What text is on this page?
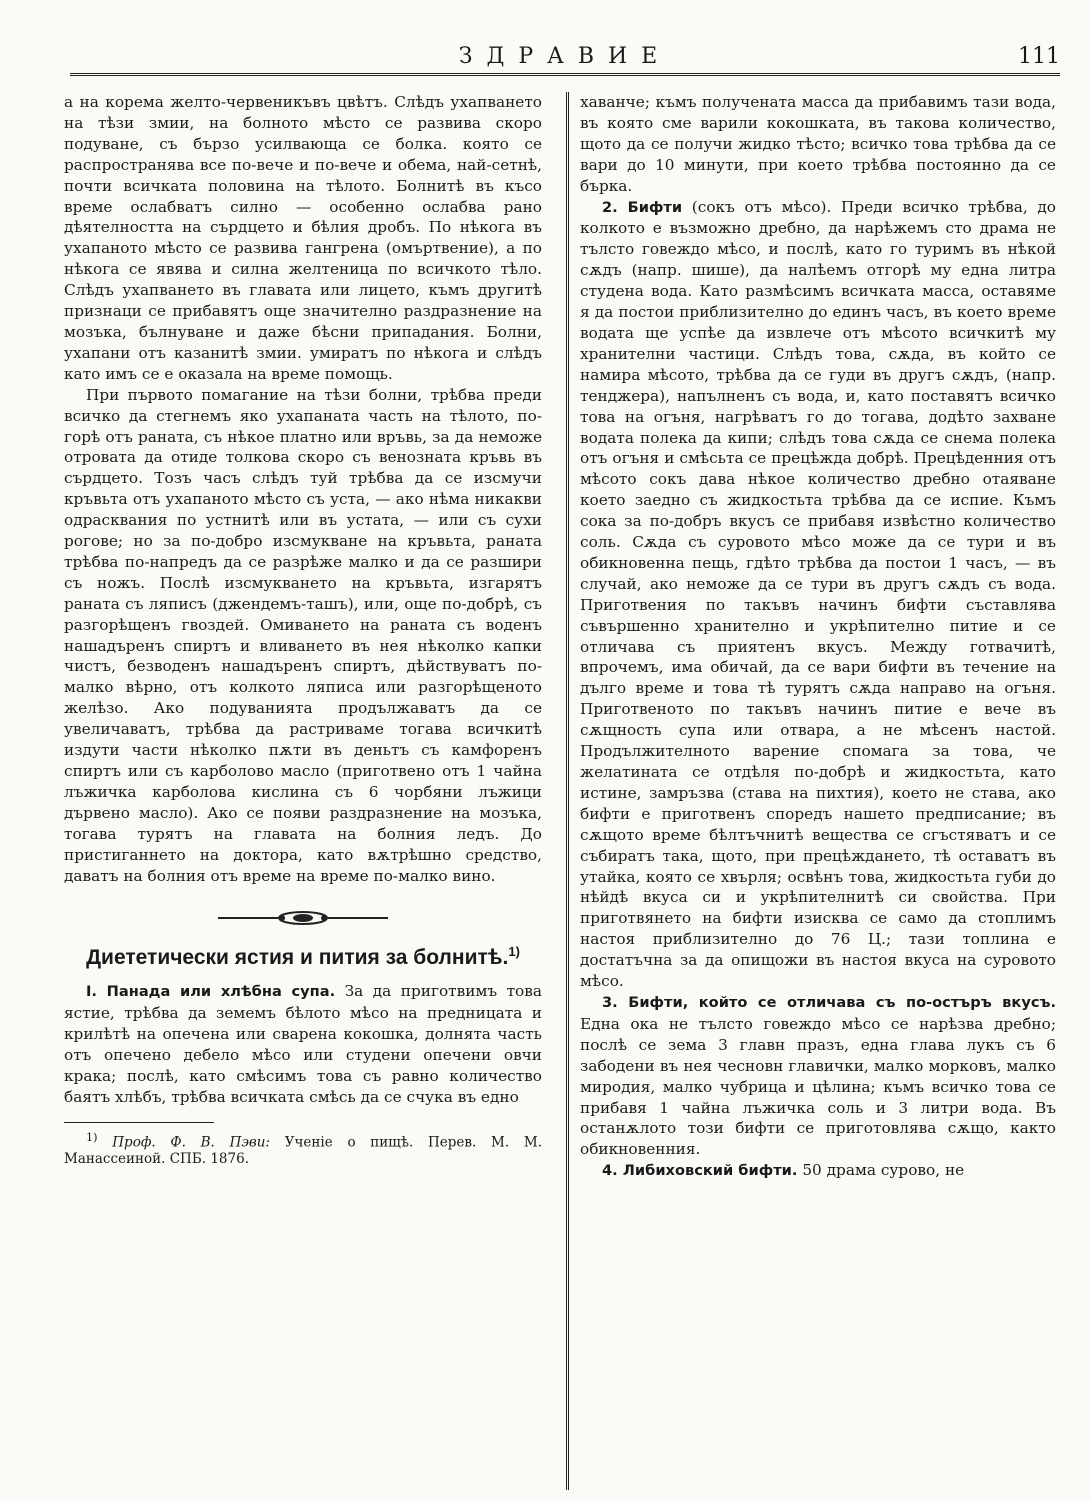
ЗДРАВИЕ	111

а на корема желто-червеникъвъ цвѣтъ. Слѣдъ ухапването на тѣзи змии, на болното мѣсто се развива скоро подуване, съ бързо усилвающа се болка. която се распространява все по-вече и по-вече и обема, най-сетнѣ, почти всичката половина на тѣлото. Болнитѣ въ късо време ослабватъ силно — особенно ослабва рано дѣятелността на сърдцето и бѣлия дробъ. По нѣкога въ ухапаното мѣсто се развива гангрена (омъртвение), а по нѣкога се явява и силна желтеница по всичкото тѣло. Слѣдъ ухапването въ главата или лицето, къмъ другитѣ признаци се прибавятъ още значително раздразнение на мозъка, бълнуване и даже бѣсни припадания. Болни, ухапани отъ казанитѣ змии. умиратъ по нѣкога и слѣдъ като имъ се е оказала на време помощь.

При първото помагание на тѣзи болни, трѣбва преди всичко да стегнемъ яко ухапаната часть на тѣлото, по-горѣ отъ раната, съ нѣкое платно или връвь, за да неможе отровата да отиде толкова скоро съ венозната кръвь въ сърдцето. Тозъ часъ слѣдъ туй трѣбва да се изсмучи кръвьта отъ ухапаното мѣсто съ уста, — ако нѣма никакви одрасквания по устнитѣ или въ устата, — или съ сухи рогове; но за по-добро изсмукване на кръвьта, раната трѣбва по-напредъ да се разрѣже малко и да се разшири съ ножъ. Послѣ изсмукването на кръвьта, изгарятъ раната съ ляписъ (джендемъ-ташъ), или, още по-добрѣ, съ разгорѣщенъ гвоздей. Омиването на раната съ воденъ нашадъренъ спиртъ и вливането въ нея нѣколко капки чистъ, безводенъ нашадъренъ спиртъ, дѣйствуватъ по-малко вѣрно, отъ колкото ляписа или разгорѣщеното желѣзо. Ако подуванията продължаватъ да се увеличаватъ, трѣбва да растриваме тогава всичкитѣ издути части нѣколко пѫти въ деньтъ съ камфоренъ спиртъ или съ карболово масло (приготвено отъ 1 чайна лъжичка карболова кислина съ 6 чорбяни лъжици дървено масло). Ако се появи раздразнение на мозъка, тогава турятъ на главата на болния ледъ. До пристиганнето на доктора, като вѫтрѣшно средство, даватъ на болния отъ време на време по-малко вино.

Диететически ястия и пития за болнитѣ.$^{1)}$

I. Панада или хлѣбна супа. За да приготвимъ това ястие, трѣбва да земемъ бѣлото мѣсо на предницата и крилѣтѣ на опечена или сварена кокошка, долнята часть отъ опечено дебело мѣсо или студени опечени овчи крака; послѣ, като смѣсимъ това съ равно количество баятъ хлѣбъ, трѣбва всичката смѣсь да се счука въ едно

$^{1)}$ Проф. Ф. В. Пэви: Ученіе о пищѣ. Перев. М. М. Манассеиной. СПБ. 1876.

хаванче; къмъ получената масса да прибавимъ тази вода, въ която сме варили кокошката, въ такова количество, щото да се получи жидко тѣсто; всичко това трѣбва да се вари до 10 минути, при което трѣбва постоянно да се бърка.

2. Бифти (сокъ отъ мѣсо). Преди всичко трѣбва, до колкото е възможно дребно, да нарѣжемъ сто драма не тълсто говеждо мѣсо, и послѣ, като го туримъ въ нѣкой сѫдъ (напр. шише), да налѣемъ отгорѣ му една литра студена вода. Като размѣсимъ всичката масса, оставяме я да постои приблизително до единъ часъ, въ което време водата ще успѣе да извлече отъ мѣсото всичкитѣ му хранителни частици. Слѣдъ това, сѫда, въ който се намира мѣсото, трѣбва да се гуди въ другъ сѫдъ, (напр. тенджера), напълненъ съ вода, и, като поставятъ всичко това на огъня, нагрѣватъ го до тогава, додѣто захване водата полека да кипи; слѣдъ това сѫда се снема полека отъ огъня и смѣсьта се прецѣжда добрѣ. Прецѣденния отъ мѣсото сокъ дава нѣкое количество дребно отаяване което заедно съ жидкостьта трѣбва да се испие. Къмъ сока за по-добръ вкусъ се прибавя извѣстно количество соль. Сѫда съ суровото мѣсо може да се тури и въ обикновенна пещь, гдѣто трѣбва да постои 1 часъ, — въ случай, ако неможе да се тури въ другъ сѫдъ съ вода. Приготвения по такъвъ начинъ бифти съставлява съвършенно хранително и укрѣпително питие и се отличава съ приятенъ вкусъ. Между готвачитѣ, впрочемъ, има обичай, да се вари бифти въ течение на дълго време и това тѣ турятъ сѫда направо на огъня. Приготвеното по такъвъ начинъ питие е вече въ сѫщность супа или отвара, а не мѣсенъ настой. Продължителното варение спомага за това, че желатината се отдѣля по-добрѣ и жидкостьта, като истине, замръзва (става на пихтия), което не става, ако бифти е приготвенъ споредъ нашето предписание; въ сѫщото време бѣлтъчнитѣ вещества се сгъстяватъ и се събиратъ така, щото, при прецѣждането, тѣ оставатъ въ утайка, която се хвърля; освѣнъ това, жидкостьта губи до нѣйдѣ вкуса си и укрѣпителнитѣ си свойства. При приготвянето на бифти изисква се само да стоплимъ настоя приблизително до 76 Ц.; тази топлина е достатъчна за да опищожи въ настоя вкуса на суровото мѣсо.

3. Бифти, който се отличава съ по-остъръ вкусъ. Една ока не тълсто говеждо мѣсо се нарѣзва дребно; послѣ се зема 3 главн празъ, една глава лукъ съ 6 забодени въ нея чесновн главички, малко морковъ, малко миродия, малко чубрица и цѣлина; къмъ всичко това се прибавя 1 чайна лъжичка соль и 3 литри вода. Въ останѫлото този бифти се приготовлява сѫщо, както обикновенния.

4. Либиховский бифти. 50 драма сурово, не
